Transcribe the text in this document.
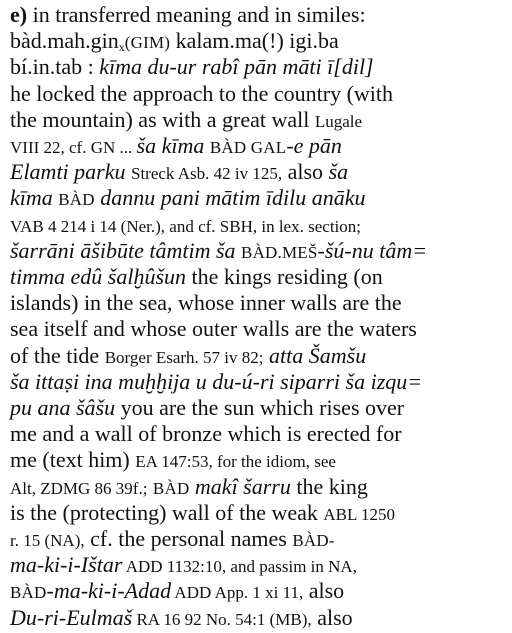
e) in transferred meaning and in similes:
bàd.mah.gin$_x$(GIM) kalam.ma(!) igi.ba
bí.in.tab : kīma du-ur rabî pān māti ī[dil]
he locked the approach to the country (with
the mountain) as with a great wall Lugale
VIII 22, cf. GN ... ša kīma BÀD GAL-e pān
Elamti parku Streck Asb. 42 iv 125, also ša
kīma BÀD dannu pani mātim īdilu anāku
VAB 4 214 i 14 (Ner.), and cf. SBH, in lex. section;
šarrāni āšibūte tâmtim ša BÀD.MEŠ-šú-nu tâm=
timma edû šalḫûšun the kings residing (on
islands) in the sea, whose inner walls are the
sea itself and whose outer walls are the waters
of the tide Borger Esarh. 57 iv 82; atta Šamšu
ša ittaṣi ina muḫḫija u du-ú-ri siparri ša izqu=
pu ana šâšu you are the sun which rises over
me and a wall of bronze which is erected for
me (text him) EA 147:53, for the idiom, see
Alt, ZDMG 86 39f.; BÀD makî šarru the king
is the (protecting) wall of the weak ABL 1250
r. 15 (NA), cf. the personal names BÀD-
ma-ki-i-Ištar ADD 1132:10, and passim in NA,
BÀD-ma-ki-i-Adad ADD App. 1 xi 11, also
Du-ri-Eulmaš RA 16 92 No. 54:1 (MB), also
